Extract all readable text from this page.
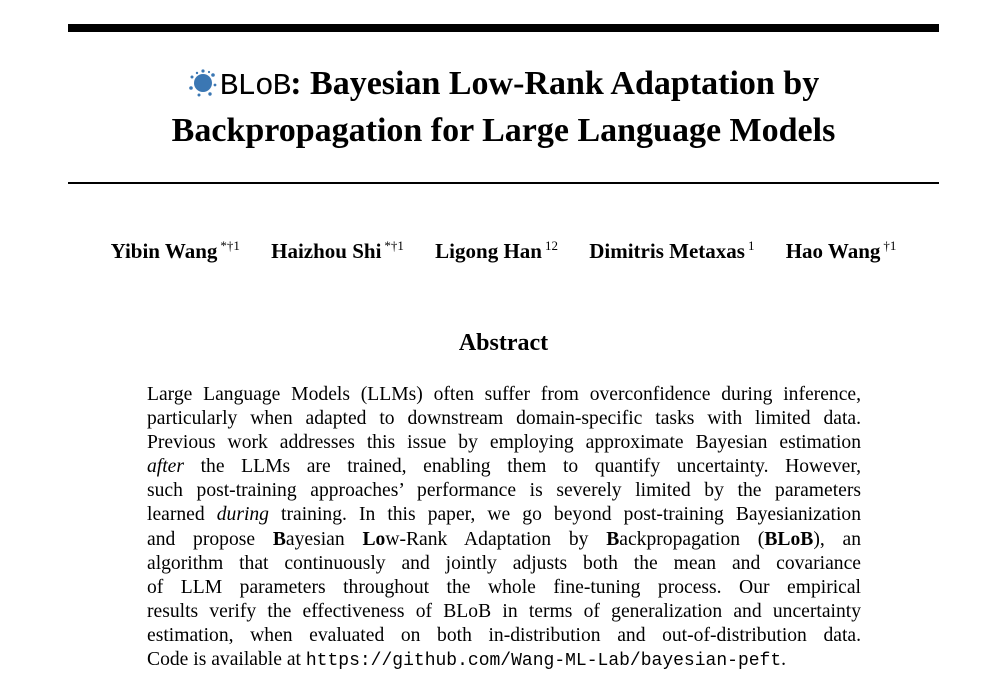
BLoB: Bayesian Low-Rank Adaptation by
Backpropagation for Large Language Models
Yibin Wang $^{*\dagger 1}$ Haizhou Shi $^{*\dagger 1}$ Ligong Han $^{12}$ Dimitris Metaxas $^1$ Hao Wang $^{\dagger 1}$
Abstract
Large Language Models (LLMs) often suffer from overconfidence during inference,
particularly when adapted to downstream domain-specific tasks with limited data.
Previous work addresses this issue by employing approximate Bayesian estimation
after the LLMs are trained, enabling them to quantify uncertainty. However,
such post-training approaches’ performance is severely limited by the parameters
learned during training. In this paper, we go beyond post-training Bayesianization
and propose Bayesian Low-Rank Adaptation by Backpropagation (BLoB), an
algorithm that continuously and jointly adjusts both the mean and covariance
of LLM parameters throughout the whole fine-tuning process. Our empirical
results verify the effectiveness of BLoB in terms of generalization and uncertainty
estimation, when evaluated on both in-distribution and out-of-distribution data.
Code is available at https://github.com/Wang-ML-Lab/bayesian-peft.
